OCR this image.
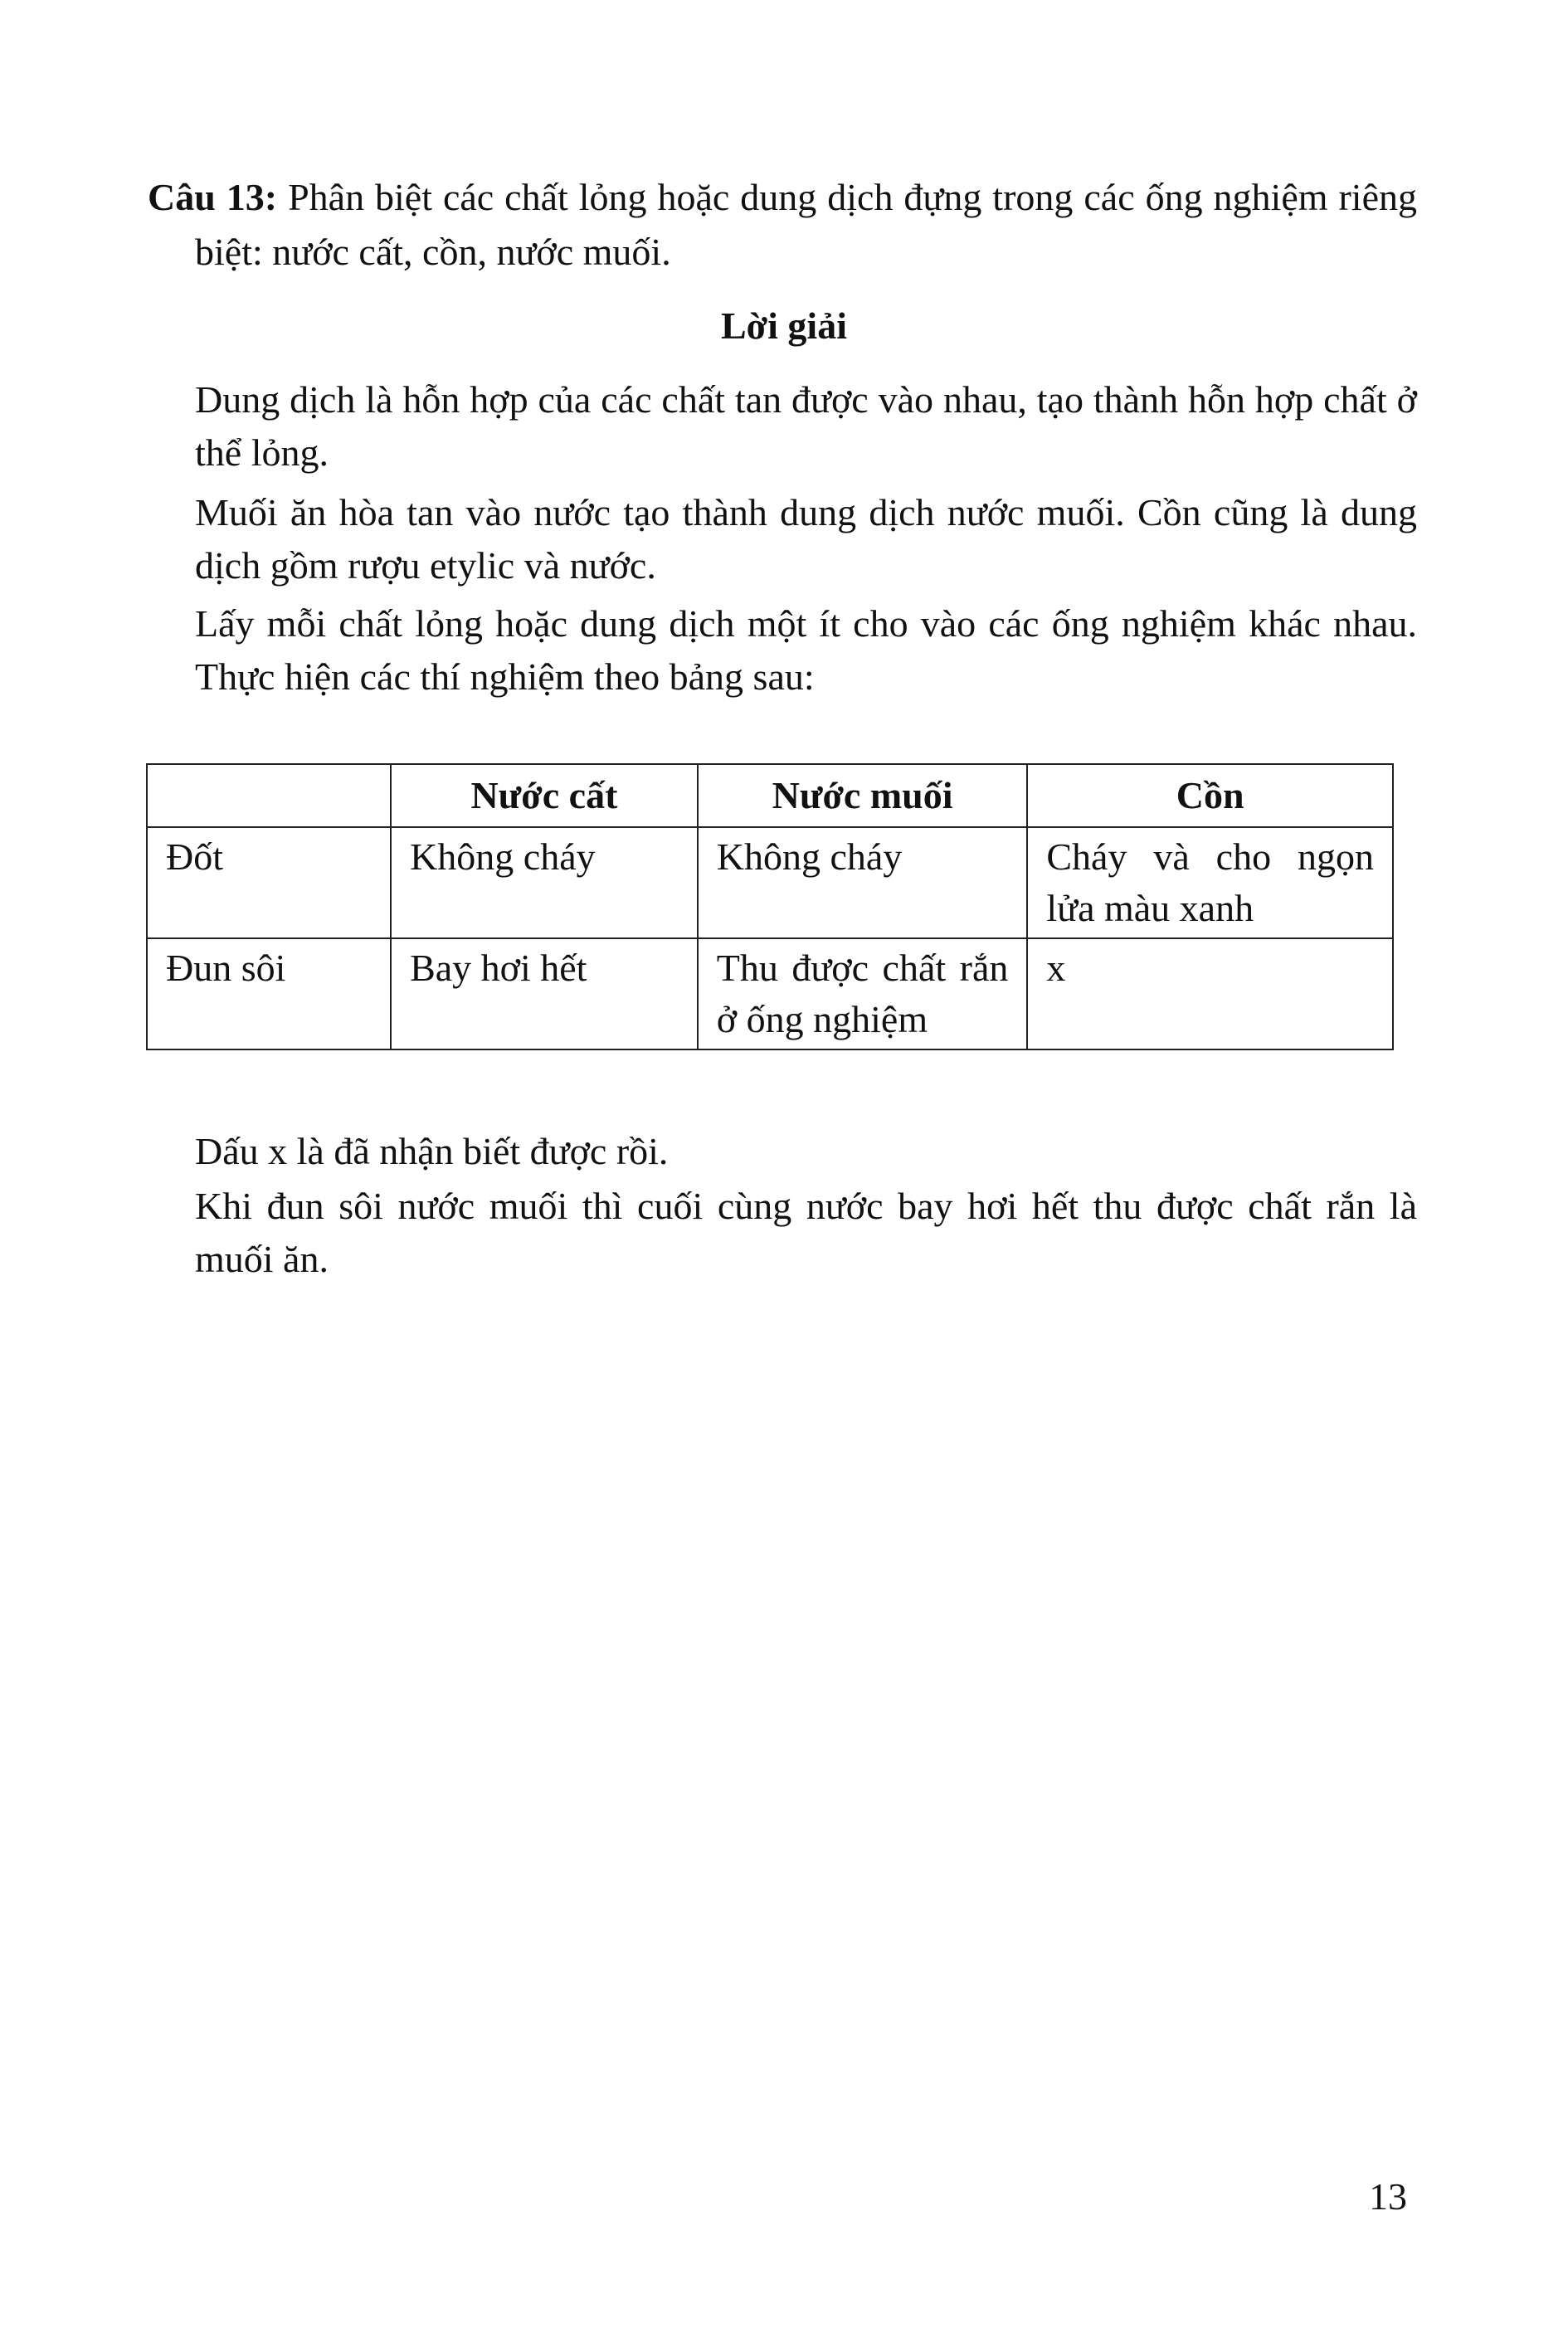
Câu 13: Phân biệt các chất lỏng hoặc dung dịch đựng trong các ống nghiệm riêng biệt: nước cất, cồn, nước muối.

Lời giải

Dung dịch là hỗn hợp của các chất tan được vào nhau, tạo thành hỗn hợp chất ở thể lỏng.

Muối ăn hòa tan vào nước tạo thành dung dịch nước muối. Cồn cũng là dung dịch gồm rượu etylic và nước.

Lấy mỗi chất lỏng hoặc dung dịch một ít cho vào các ống nghiệm khác nhau. Thực hiện các thí nghiệm theo bảng sau:

	Nước cất	Nước muối	Cồn
Đốt	Không cháy	Không cháy	Cháy và cho ngọn lửa màu xanh
Đun sôi	Bay hơi hết	Thu được chất rắn ở ống nghiệm	x

Dấu x là đã nhận biết được rồi.

Khi đun sôi nước muối thì cuối cùng nước bay hơi hết thu được chất rắn là muối ăn.

13
